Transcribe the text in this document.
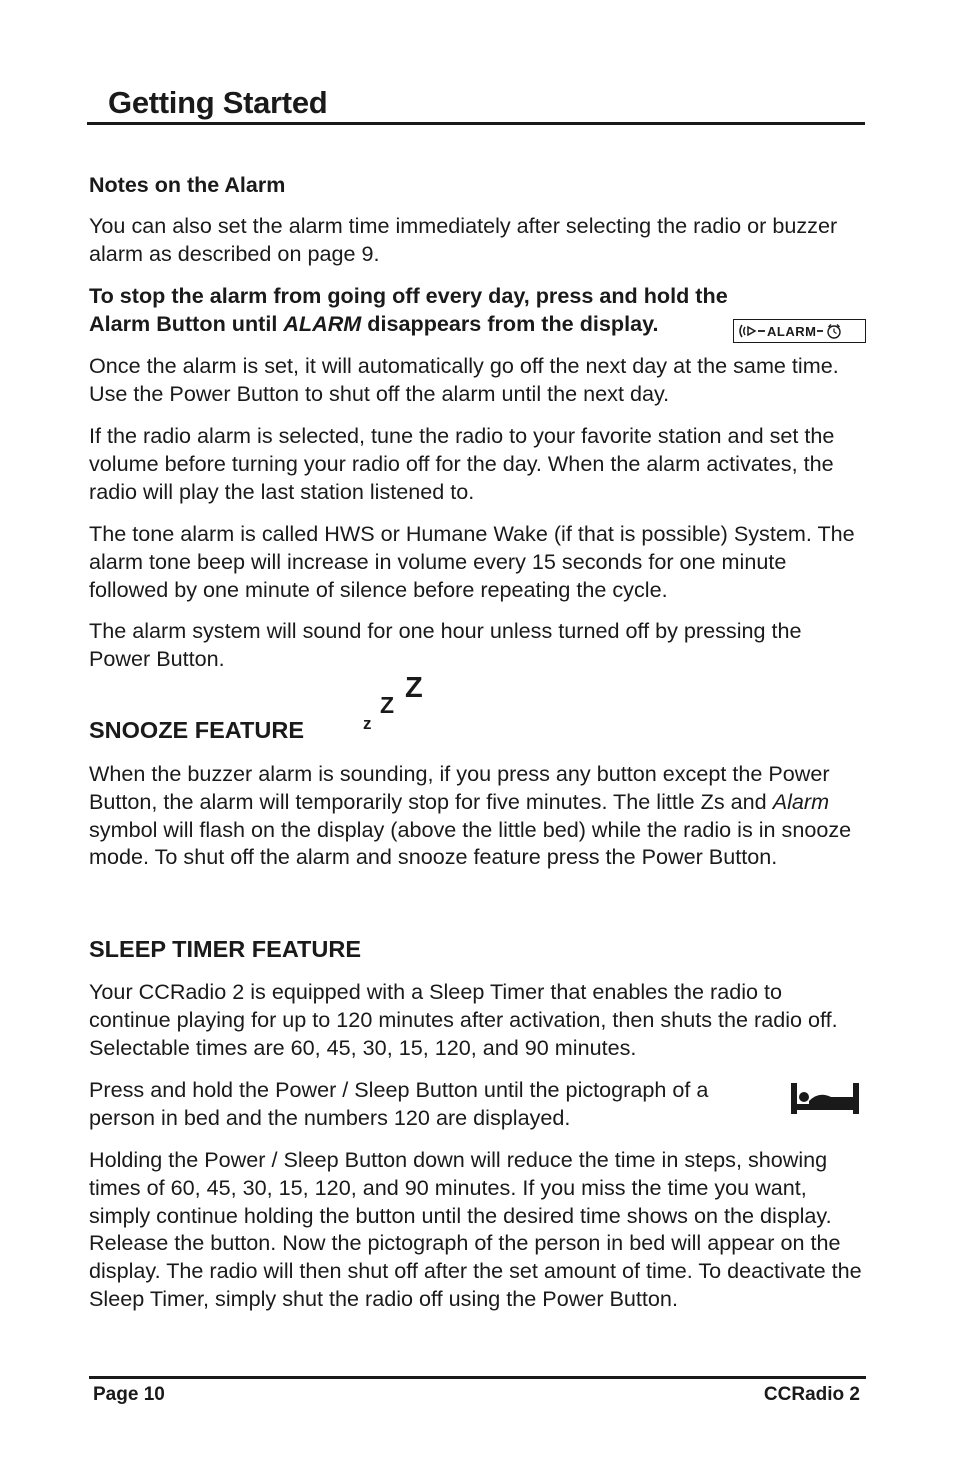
Getting Started
Notes on the Alarm

You can also set the alarm time immediately after selecting the radio or buzzer alarm as described on page 9.

To stop the alarm from going off every day, press and hold the Alarm Button until ALARM disappears from the display.	ALARM

Once the alarm is set, it will automatically go off the next day at the same time. Use the Power Button to shut off the alarm until the next day.

If the radio alarm is selected, tune the radio to your favorite station and set the volume before turning your radio off for the day. When the alarm activates, the radio will play the last station listened to.

The tone alarm is called HWS or Humane Wake (if that is possible) System. The alarm tone beep will increase in volume every 15 seconds for one minute followed by one minute of silence before repeating the cycle.

The alarm system will sound for one hour unless turned off by pressing the Power Button.

SNOOZE FEATURE	z
Z
Z

When the buzzer alarm is sounding, if you press any button except the Power Button, the alarm will temporarily stop for five minutes. The little Zs and Alarm symbol will flash on the display (above the little bed) while the radio is in snooze mode. To shut off the alarm and snooze feature press the Power Button.

SLEEP TIMER FEATURE

Your CCRadio 2 is equipped with a Sleep Timer that enables the radio to continue playing for up to 120 minutes after activation, then shuts the radio off. Selectable times are 60, 45, 30, 15, 120, and 90 minutes.

Press and hold the Power / Sleep Button until the pictograph of a person in bed and the numbers 120 are displayed.

Holding the Power / Sleep Button down will reduce the time in steps, showing times of 60, 45, 30, 15, 120, and 90 minutes. If you miss the time you want, simply continue holding the button until the desired time shows on the display. Release the button. Now the pictograph of the person in bed will appear on the display. The radio will then shut off after the set amount of time. To deactivate the Sleep Timer, simply shut the radio off using the Power Button.

Page 10	CCRadio 2
